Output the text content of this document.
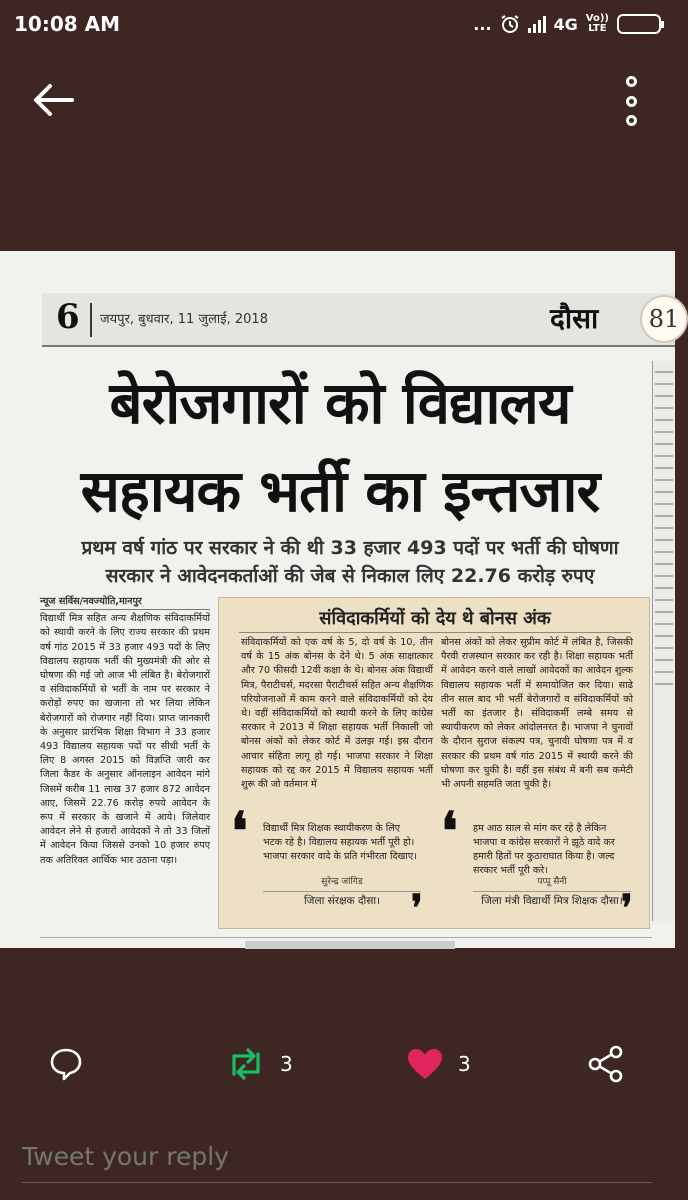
10:08 AM	...	4G Vo))
LTE
6 जयपुर, बुधवार, 11 जुलाई, 2018	दौसा	81
बेरोजगारों को विद्यालय
सहायक भर्ती का इन्तजार
प्रथम वर्ष गांठ पर सरकार ने की थी 33 हजार 493 पदों पर भर्ती की घोषणा
सरकार ने आवेदनकर्ताओं की जेब से निकाल लिए 22.76 करोड़ रुपए
न्यूज सर्विस/नवज्योति,मानपुर
विद्यार्थी मित्र सहित अन्य शैक्षणिक संविदाकर्मियों को स्थायी करने के लिए राज्य सरकार की प्रथम वर्ष गांठ 2015 में 33 हजार 493 पदों के लिए विद्यालय सहायक भर्ती की मुख्यमंत्री की ओर से घोषणा की गई जो आज भी लंबित है। बेरोजगारों व संविदाकर्मियों से भर्ती के नाम पर सरकार ने करोड़ों रुपए का खजाना तो भर लिया लेकिन बेरोजगारों को रोजगार नहीं दिया। प्राप्त जानकारी के अनुसार प्रारंभिक शिक्षा विभाग ने 33 हजार 493 विद्यालय सहायक पदों पर सीधी भर्ती के लिए 8 अगस्त 2015 को विज्ञप्ति जारी कर जिला कैडर के अनुसार ऑनलाइन आवेदन मांगे जिसमें करीब 11 लाख 37 हजार 872 आवेदन आए, जिसमें 22.76 करोड़ रुपये आवेदन के रूप में सरकार के खजाने में आये। जिलेवार आवेदन लेने से हजारों आवेदकों ने तो 33 जिलों में आवेदन किया जिससे उनको 10 हजार रुपए तक अतिरिक्त आर्थिक भार उठाना पड़ा।
संविदाकर्मियों को देय थे बोनस अंक
संविदाकर्मियों को एक वर्ष के 5, दो वर्ष के 10, तीन वर्ष के 15 अंक बोनस के देने थे। 5 अंक साक्षात्कार और 70 फीसदी 12वीं कक्षा के थे। बोनस अंक विद्यार्थी मित्र, पैराटीचर्स, मदरसा पैराटीचर्स सहित अन्य शैक्षणिक परियोजनाओं में काम करने वाले संविदाकर्मियों को देय थे। वहीं संविदाकर्मियों को स्थायी करने के लिए कांग्रेस सरकार ने 2013 में शिक्षा सहायक भर्ती निकाली जो बोनस अंकों को लेकर कोर्ट में उलझ गई। इस दौरान आचार संहिता लागू हो गई। भाजपा सरकार ने शिक्षा सहायक को रद्द कर 2015 में विद्यालय सहायक भर्ती शुरू की जो वर्तमान में
बोनस अंकों को लेकर सुप्रीम कोर्ट में लंबित है, जिसकी पैरवी राजस्थान सरकार कर रही है। शिक्षा सहायक भर्ती में आवेदन करने वाले लाखों आवेदकों का आवेदन शुल्क विद्यालय सहायक भर्ती में समायोजित कर दिया। साढे तीन साल बाद भी भर्ती बेरोजगारों व संविदाकर्मियों को भर्ती का इंतजार है। संविदाकर्मी लम्बे समय से स्थायीकरण को लेकर आंदोलनरत है। भाजपा ने चुनावों के दौरान सुराज संकल्प पत्र, चुनावी घोषणा पत्र में व सरकार की प्रथम वर्ष गांठ 2015 में स्थायी करने की घोषणा कर चुकी है। वहीं इस संबंध में बनी सब कमेटी भी अपनी सहमति जता चुकी है।
❛ विद्यार्थी मित्र शिक्षक स्थायीकरण के लिए भटक रहे है। विद्यालय सहायक भर्ती पूरी हो। भाजपा सरकार वादे के प्रति गंभीरता दिखाए।
सुरेन्द्र जांगिड
जिला संरक्षक दौसा। ❜
❛ हम आठ साल से मांग कर रहे है लेकिन भाजपा व कांग्रेस सरकारों ने झूठे वादे कर हमारी हितों पर कुठाराघात किया है। जल्द सरकार भर्ती पूरी करे।
पप्पू सैनी
जिला मंत्री विद्यार्थी मित्र शिक्षक दौसा।
❜
3	3
Tweet your reply
